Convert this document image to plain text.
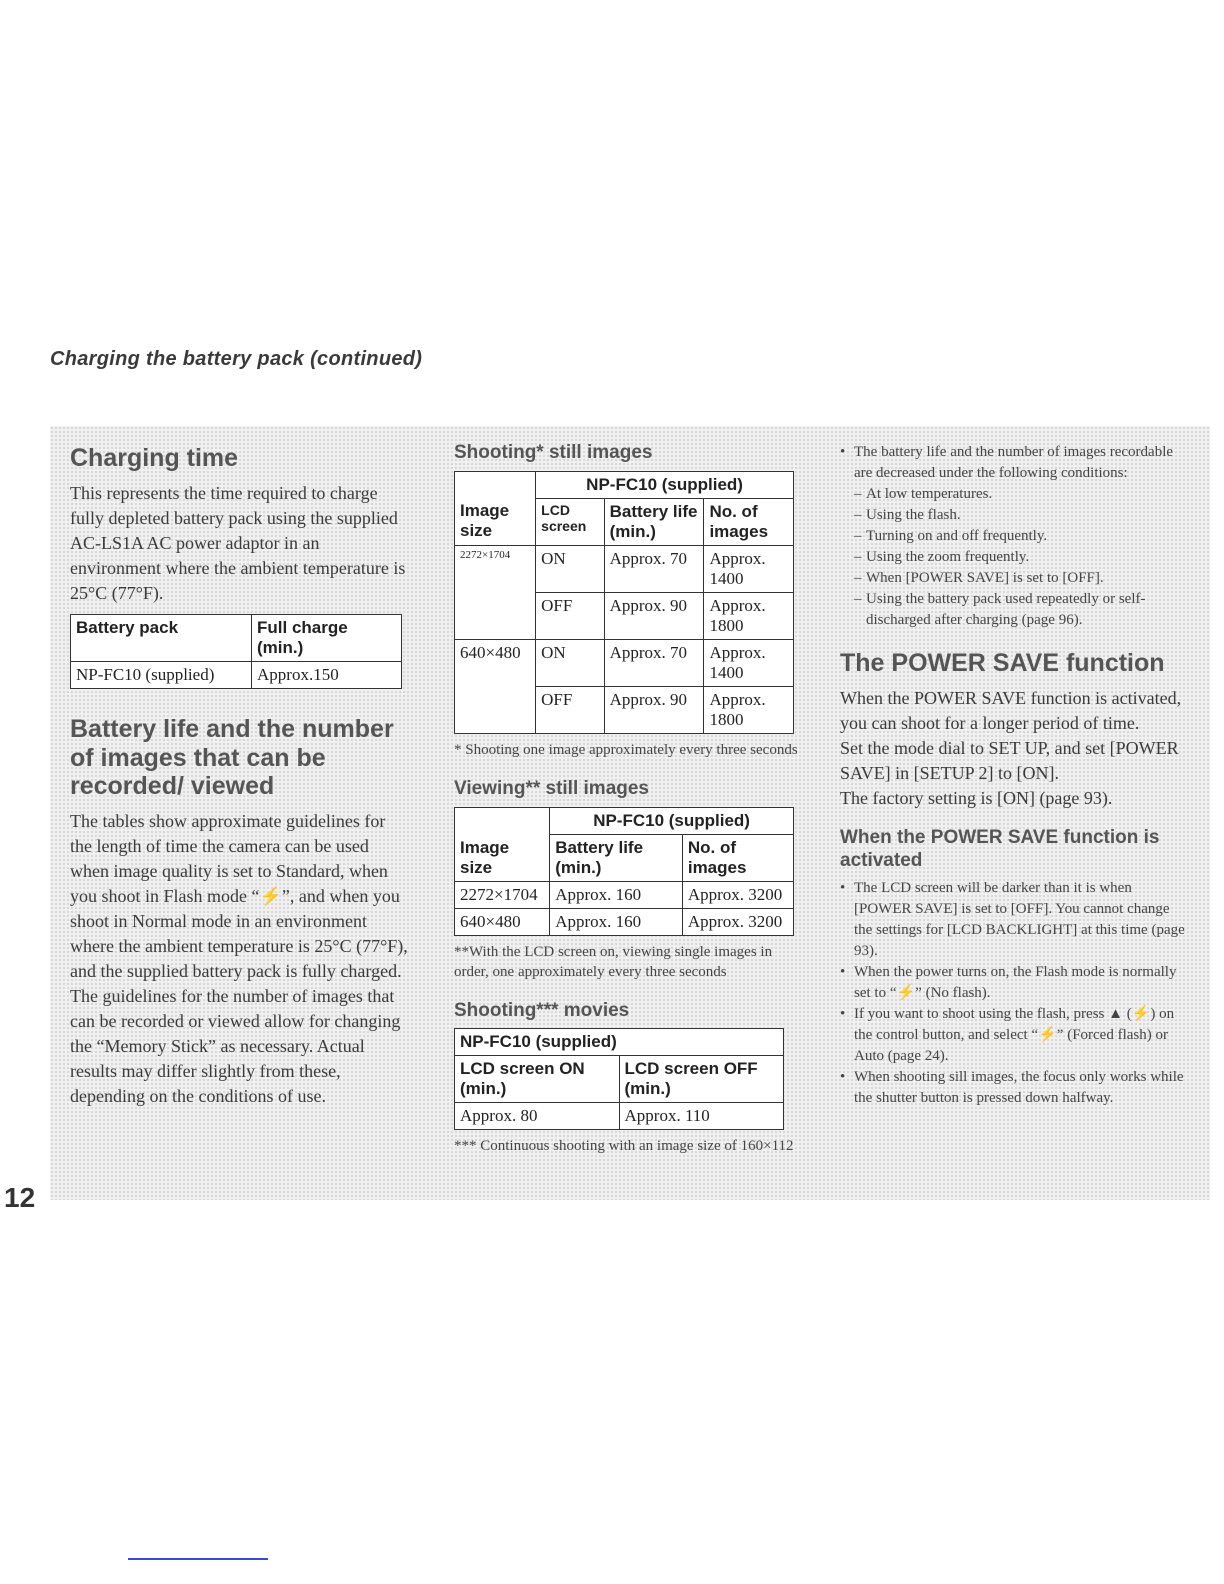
Charging the battery pack (continued)
Charging time

This represents the time required to charge fully depleted battery pack using the supplied AC-LS1A AC power adaptor in an environment where the ambient temperature is 25°C (77°F).

Battery pack	Full charge (min.)
NP-FC10 (supplied)	Approx.150
Battery life and the number of images that can be recorded/ viewed

The tables show approximate guidelines for the length of time the camera can be used when image quality is set to Standard, when you shoot in Flash mode “⚡”, and when you shoot in Normal mode in an environment where the ambient temperature is 25°C (77°F), and the supplied battery pack is fully charged. The guidelines for the number of images that can be recorded or viewed allow for changing the “Memory Stick” as necessary. Actual results may differ slightly from these, depending on the conditions of use.

Shooting* still images
	NP-FC10 (supplied)		
Image size	LCD screen	Battery life (min.)	No. of images
2272×1704	ON	Approx. 70	Approx. 1400
	OFF	Approx. 90	Approx. 1800
640×480	ON	Approx. 70	Approx. 1400
	OFF	Approx. 90	Approx. 1800

* Shooting one image approximately every three seconds

Viewing** still images
	NP-FC10 (supplied)	
Image size	Battery life (min.)	No. of images
2272×1704	Approx. 160	Approx. 3200
640×480	Approx. 160	Approx. 3200

**With the LCD screen on, viewing single images in order, one approximately every three seconds

Shooting*** movies
NP-FC10 (supplied)	
LCD screen ON (min.)	LCD screen OFF (min.)
Approx. 80	Approx. 110

*** Continuous shooting with an image size of 160×112

• The battery life and the number of images recordable are decreased under the following conditions:
– At low temperatures.
– Using the flash.
– Turning on and off frequently.
– Using the zoom frequently.
– When [POWER SAVE] is set to [OFF].
– Using the battery pack used repeatedly or self-discharged after charging (page 96).
The POWER SAVE function

When the POWER SAVE function is activated, you can shoot for a longer period of time.

Set the mode dial to SET UP, and set [POWER SAVE] in [SETUP 2] to [ON].

The factory setting is [ON] (page 93).

When the POWER SAVE function is activated
• The LCD screen will be darker than it is when [POWER SAVE] is set to [OFF]. You cannot change the settings for [LCD BACKLIGHT] at this time (page 93).
• When the power turns on, the Flash mode is normally set to “⚡” (No flash).
• If you want to shoot using the flash, press ▲ (⚡) on the control button, and select “⚡” (Forced flash) or Auto (page 24).
• When shooting sill images, the focus only works while the shutter button is pressed down halfway.
12
